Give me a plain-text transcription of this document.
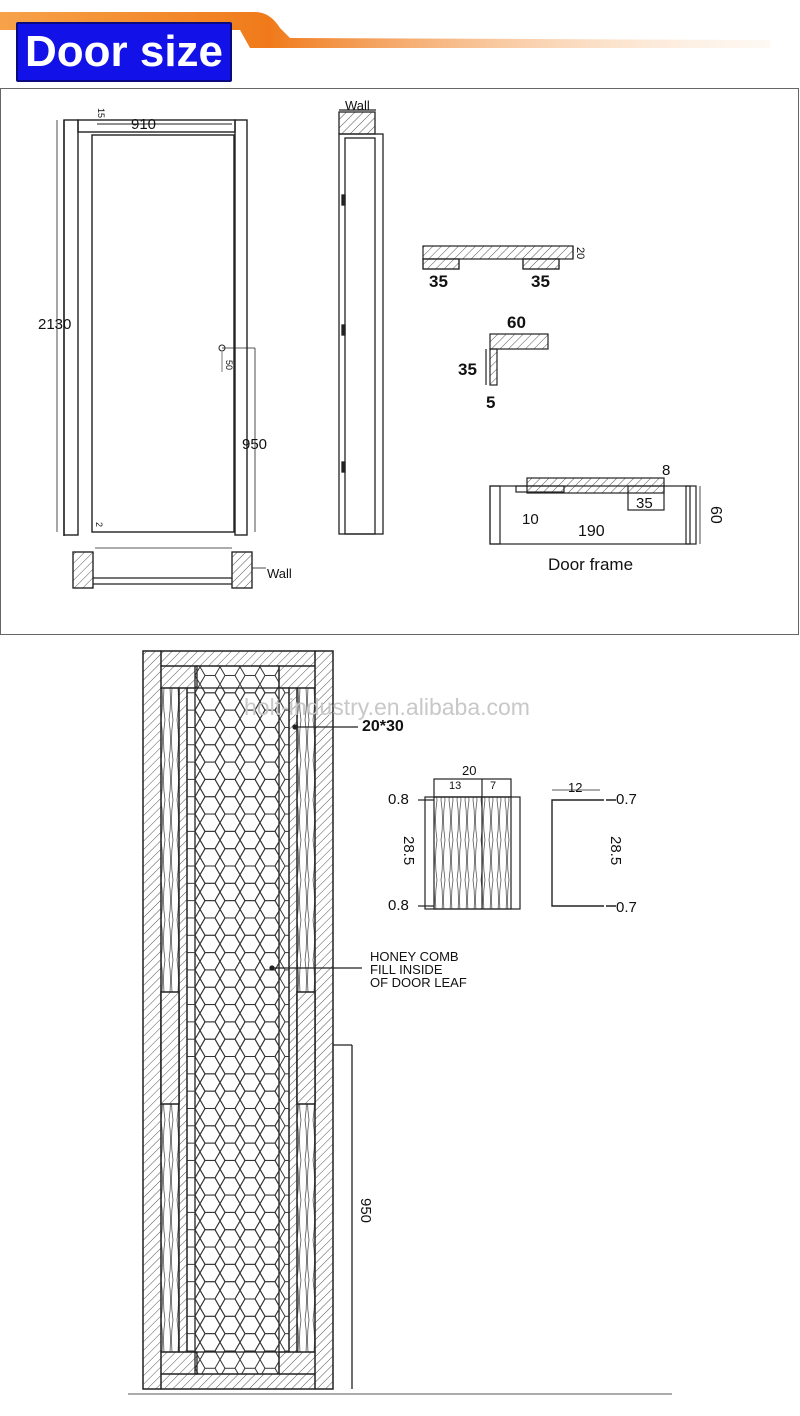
Door size
910
2130
950
15
2
50
Wall
Wall
20
35	35
60
35
5
8
35
10
190
60
Door frame
holt-industry.en.alibaba.com
20*30
HONEY COMB
FILL INSIDE
OF DOOR LEAF
950
20
13	7
0.8
0.8
28.5
12
0.7
0.7
28.5
